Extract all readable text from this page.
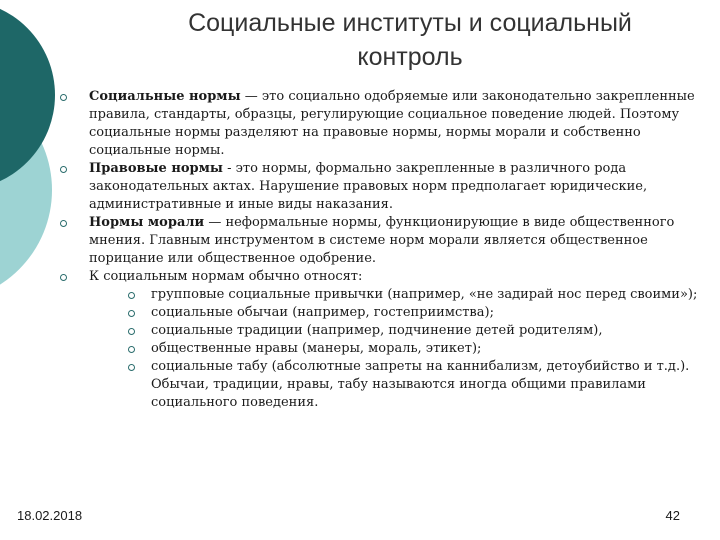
Социальные институты и социальный контроль

Социальные нормы — это социально одобряемые или законодательно закрепленные правила, стандарты, образцы, регулирующие социальное поведение людей. Поэтому социальные нормы разделяют на правовые нормы, нормы морали и собственно социальные нормы.

Правовые нормы - это нормы, формально закрепленные в различного рода законодательных актах. Нарушение правовых норм предполагает юридические, административные и иные виды наказания.

Нормы морали — неформальные нормы, функционирующие в виде общественного мнения. Главным инструментом в системе норм морали является общественное порицание или общественное одобрение.

К социальным нормам обычно относят:

групповые социальные привычки (например, «не задирай нос перед своими»);

социальные обычаи (например, гостеприимства);

социальные традиции (например, подчинение детей родителям),

общественные нравы (манеры, мораль, этикет);

социальные табу (абсолютные запреты на каннибализм, детоубийство и т.д.). Обычаи, традиции, нравы, табу называются иногда общими правилами социального поведения.

18.02.2018	42
